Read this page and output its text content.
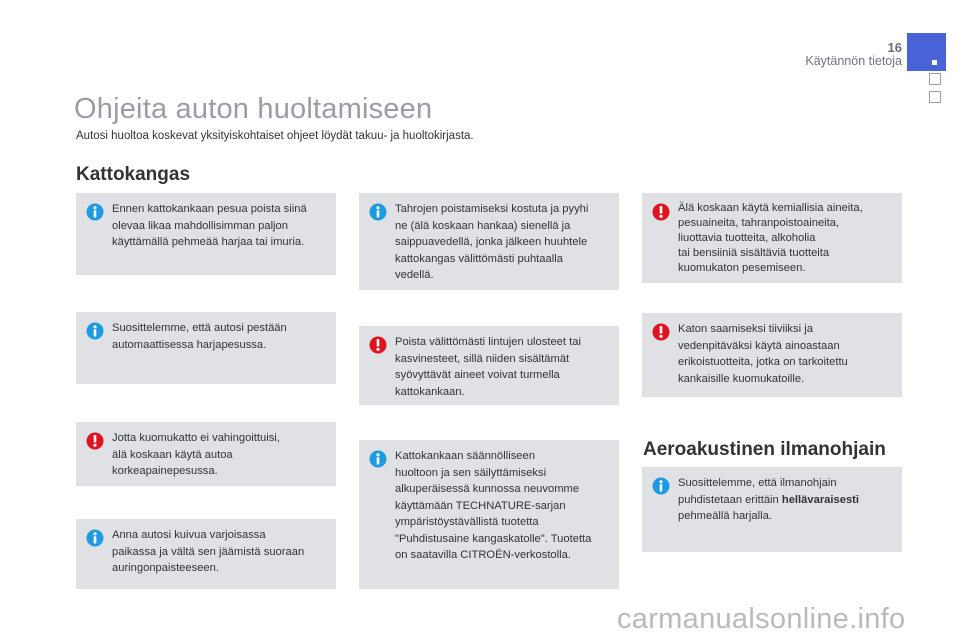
16
Käytännön tietoja
Ohjeita auton huoltamiseen
Autosi huoltoa koskevat yksityiskohtaiset ohjeet löydät takuu- ja huoltokirjasta.
Kattokangas
Aeroakustinen ilmanohjain
Ennen kattokankaan pesua poista siinä
olevaa likaa mahdollisimman paljon
käyttämällä pehmeää harjaa tai imuria.
Suosittelemme, että autosi pestään
automaattisessa harjapesussa.
Jotta kuomukatto ei vahingoittuisi,
älä koskaan käytä autoa
korkeapainepesussa.
Anna autosi kuivua varjoisassa
paikassa ja vältä sen jäämistä suoraan
auringonpaisteeseen.
Tahrojen poistamiseksi kostuta ja pyyhi
ne (älä koskaan hankaa) sienellä ja
saippuavedellä, jonka jälkeen huuhtele
kattokangas välittömästi puhtaalla
vedellä.
Poista välittömästi lintujen ulosteet tai
kasvinesteet, sillä niiden sisältämät
syövyttävät aineet voivat turmella
kattokankaan.
Kattokankaan säännölliseen
huoltoon ja sen säilyttämiseksi
alkuperäisessä kunnossa neuvomme
käyttämään TECHNATURE-sarjan
ympäristöystävällistä tuotetta
"Puhdistusaine kangaskatolle". Tuotetta
on saatavilla CITROËN-verkostolla.
Älä koskaan käytä kemiallisia aineita,
pesuaineita, tahranpoistoaineita,
liuottavia tuotteita, alkoholia
tai bensiiniä sisältäviä tuotteita
kuomukaton pesemiseen.
Katon saamiseksi tiiviiksi ja
vedenpitäväksi käytä ainoastaan
erikoistuotteita, jotka on tarkoitettu
kankaisille kuomukatoille.
Suosittelemme, että ilmanohjain
puhdistetaan erittäin hellävaraisesti
pehmeällä harjalla.
carmanualsonline.info
